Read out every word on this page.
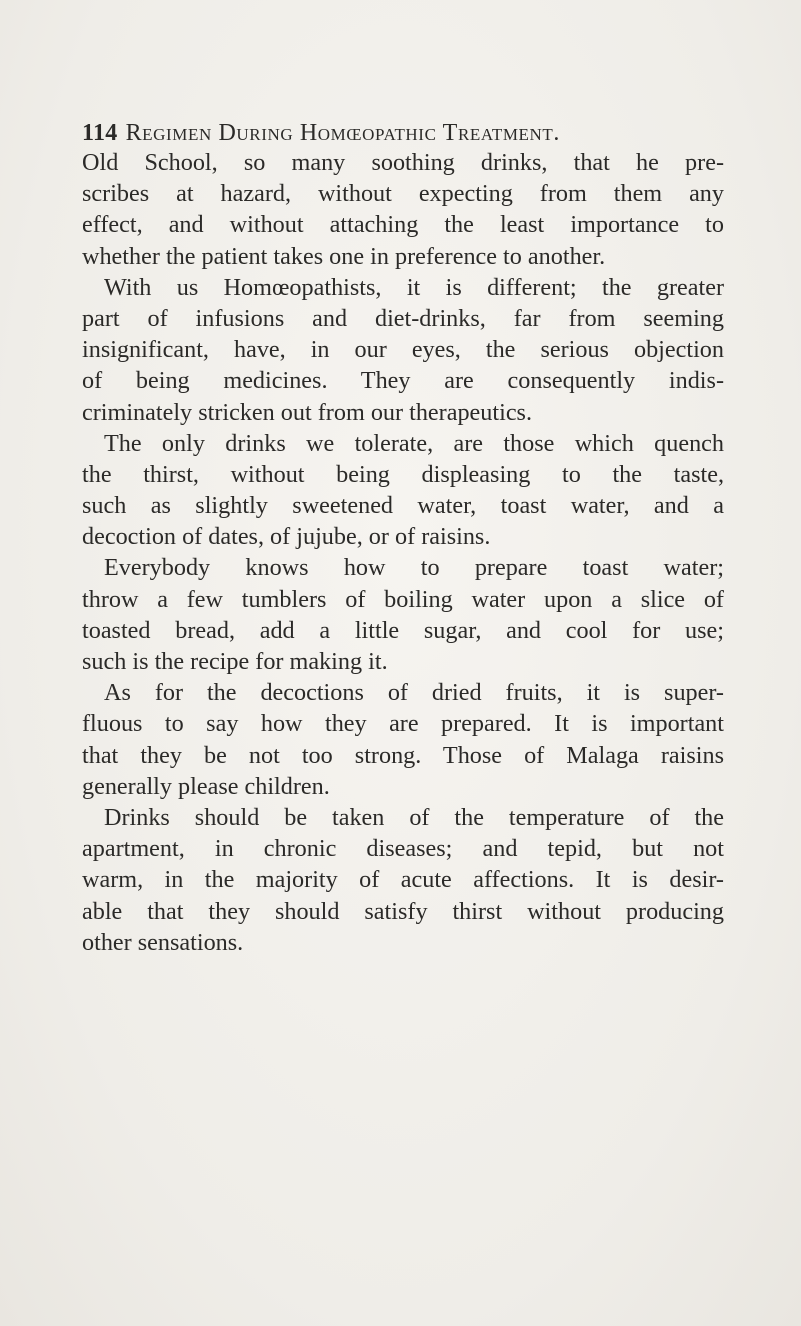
114 Regimen During Homœopathic Treatment.
Old School, so many soothing drinks, that he pre-
scribes at hazard, without expecting from them any
effect, and without attaching the least importance to
whether the patient takes one in preference to another.
With us Homœopathists, it is different; the greater
part of infusions and diet-drinks, far from seeming
insignificant, have, in our eyes, the serious objection
of being medicines. They are consequently indis-
criminately stricken out from our therapeutics.
The only drinks we tolerate, are those which quench
the thirst, without being displeasing to the taste,
such as slightly sweetened water, toast water, and a
decoction of dates, of jujube, or of raisins.
Everybody knows how to prepare toast water;
throw a few tumblers of boiling water upon a slice of
toasted bread, add a little sugar, and cool for use;
such is the recipe for making it.
As for the decoctions of dried fruits, it is super-
fluous to say how they are prepared. It is important
that they be not too strong. Those of Malaga raisins
generally please children.
Drinks should be taken of the temperature of the
apartment, in chronic diseases; and tepid, but not
warm, in the majority of acute affections. It is desir-
able that they should satisfy thirst without producing
other sensations.
